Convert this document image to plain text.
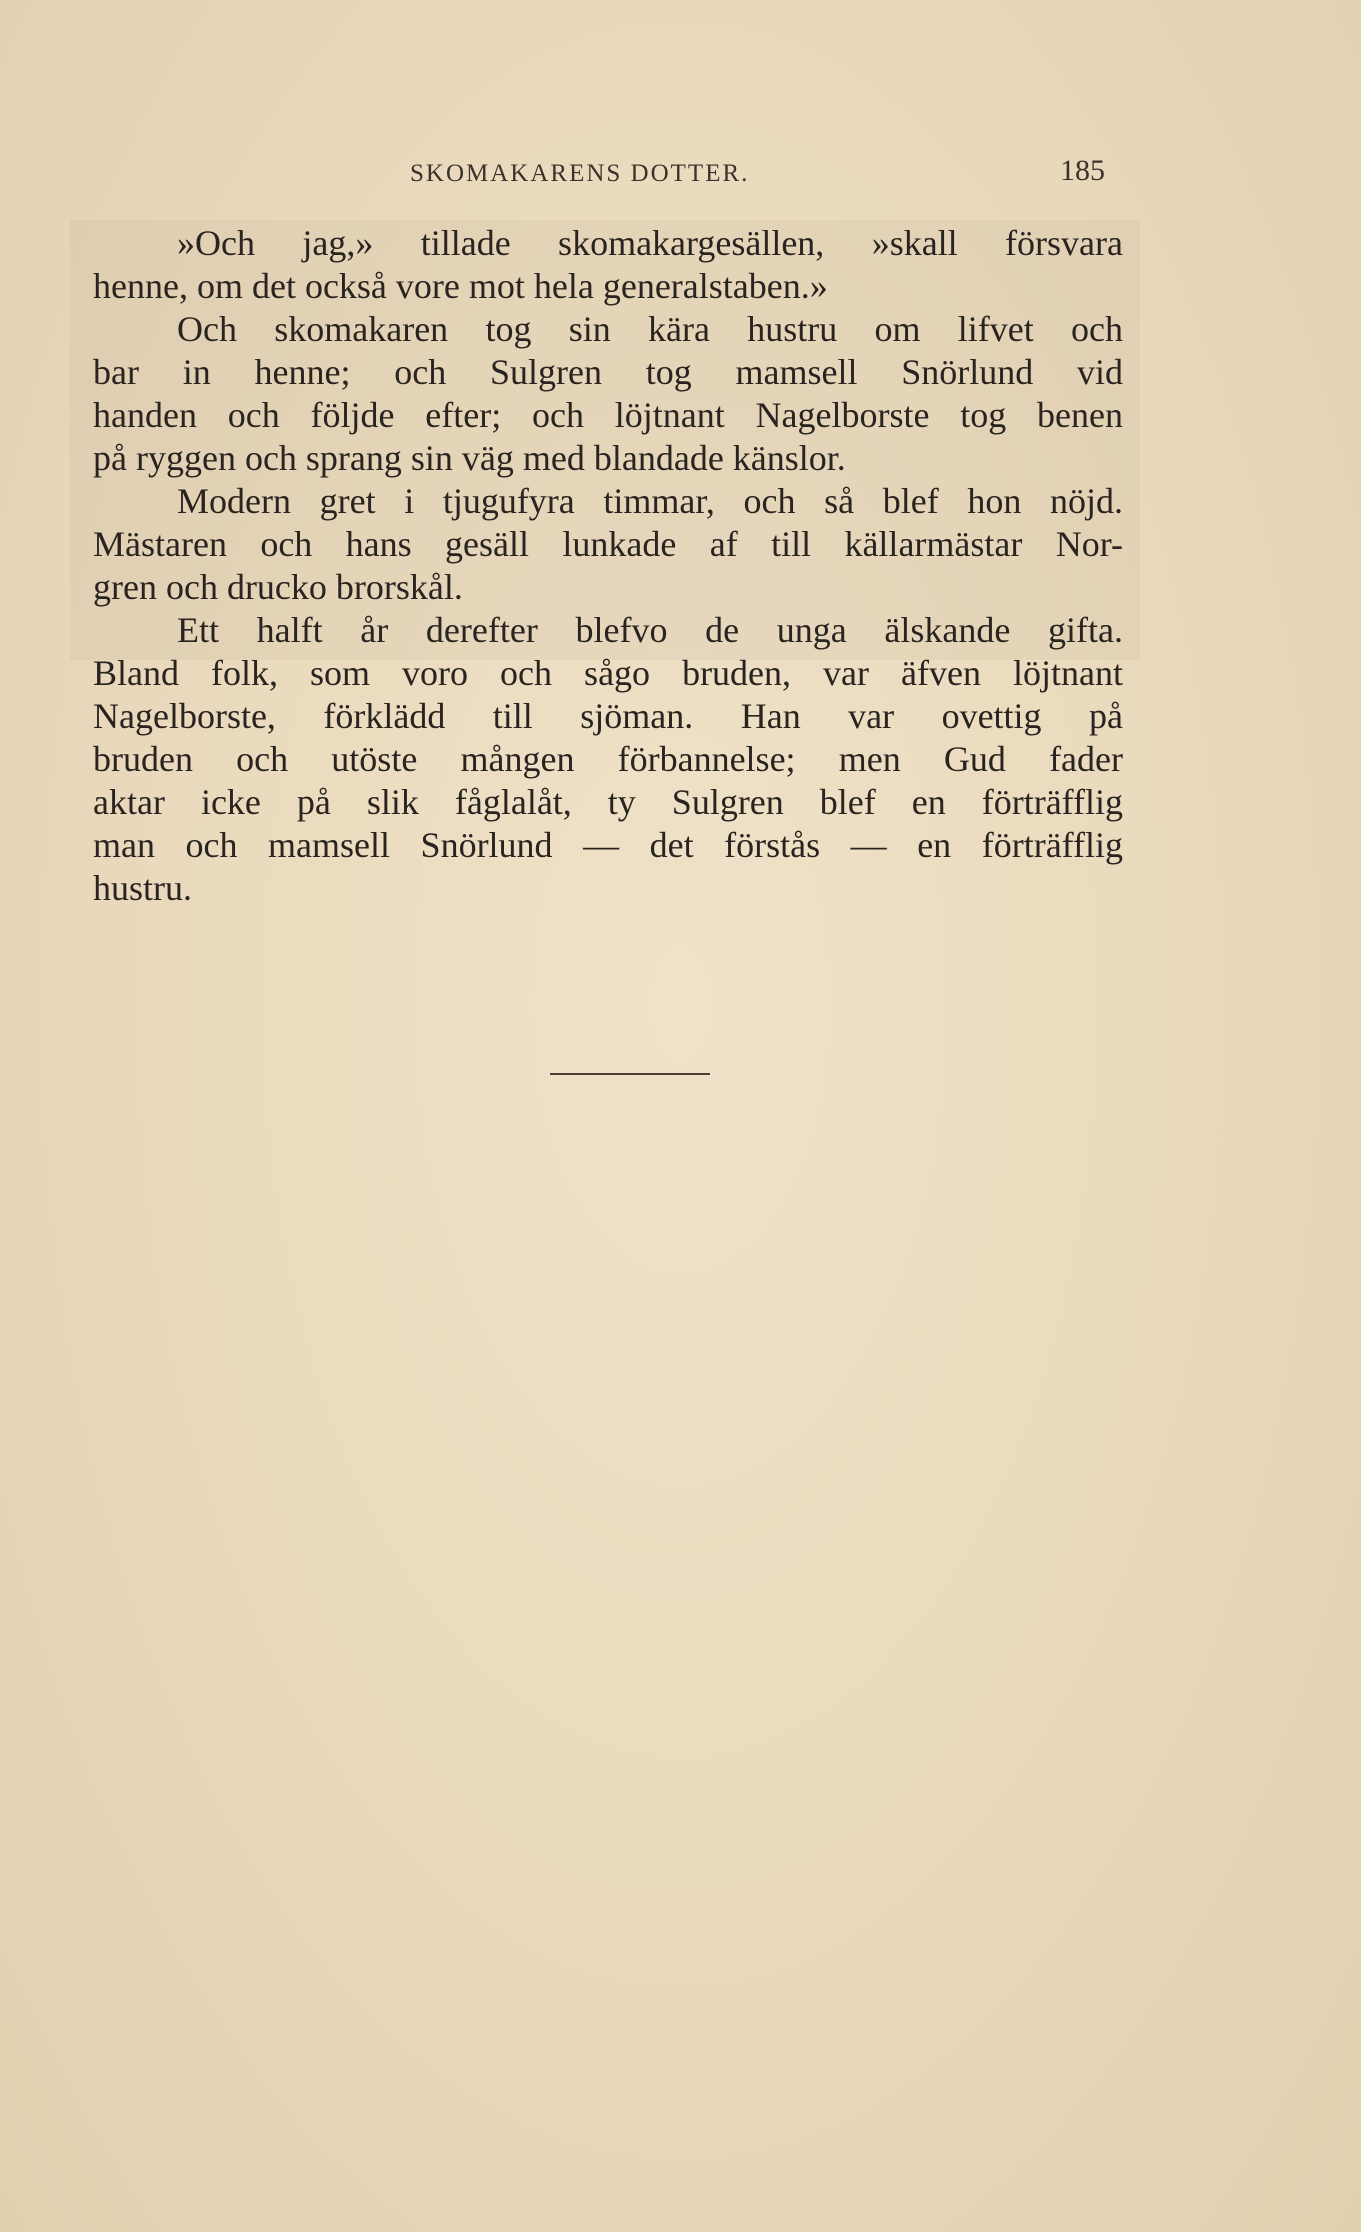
SKOMAKARENS DOTTER.	185
»Och jag,» tillade skomakargesällen, »skall försvara
henne, om det också vore mot hela generalstaben.»
Och skomakaren tog sin kära hustru om lifvet och
bar in henne; och Sulgren tog mamsell Snörlund vid
handen och följde efter; och löjtnant Nagelborste tog benen
på ryggen och sprang sin väg med blandade känslor.
Modern gret i tjugufyra timmar, och så blef hon nöjd.
Mästaren och hans gesäll lunkade af till källarmästar Nor-
gren och drucko brorskål.
Ett halft år derefter blefvo de unga älskande gifta.
Bland folk, som voro och sågo bruden, var äfven löjtnant
Nagelborste, förklädd till sjöman. Han var ovettig på
bruden och utöste mången förbannelse; men Gud fader
aktar icke på slik fåglalåt, ty Sulgren blef en förträfflig
man och mamsell Snörlund — det förstås — en förträfflig
hustru.
